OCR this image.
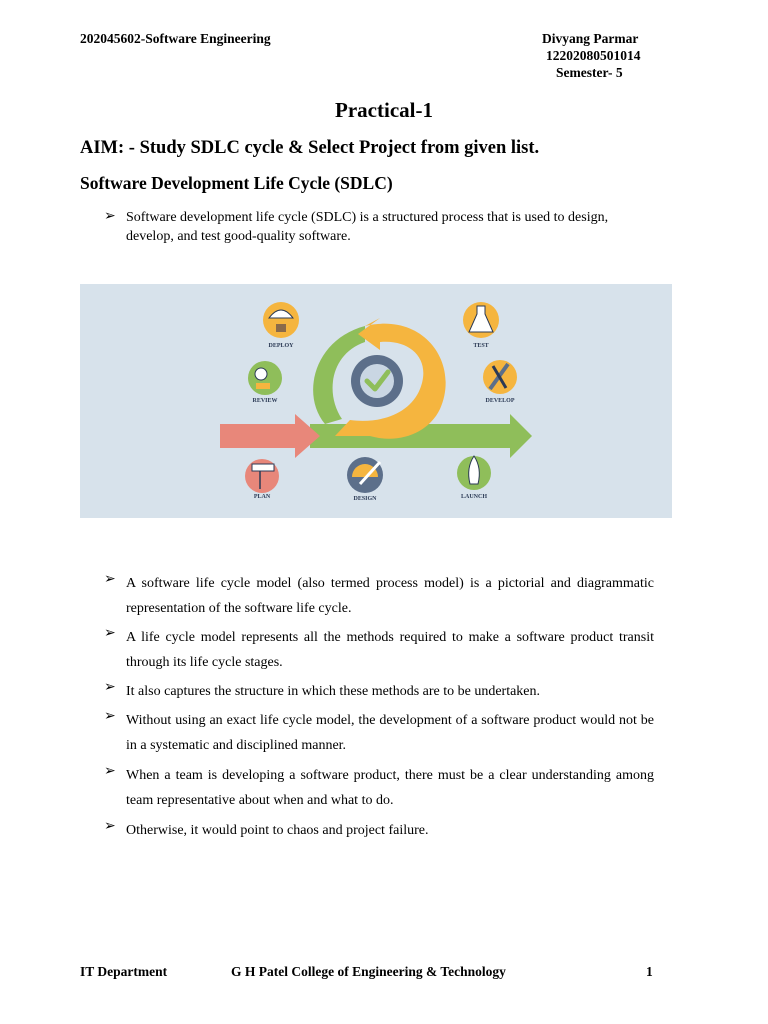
202045602-Software Engineering	Divyang Parmar
12202080501014
Semester- 5
Practical-1
AIM: - Study SDLC cycle & Select Project from given list.
Software Development Life Cycle (SDLC)
➢ Software development life cycle (SDLC) is a structured process that is used to design, develop, and test good-quality software.
DEPLOY
REVIEW
PLAN	DESIGN	LAUNCH
TEST
DEVELOP
➢ A software life cycle model (also termed process model) is a pictorial and diagrammatic representation of the software life cycle.
➢ A life cycle model represents all the methods required to make a software product transit through its life cycle stages.
➢ It also captures the structure in which these methods are to be undertaken.
➢ Without using an exact life cycle model, the development of a software product would not be in a systematic and disciplined manner.
➢ When a team is developing a software product, there must be a clear understanding among team representative about when and what to do.
➢ Otherwise, it would point to chaos and project failure.
IT Department	G H Patel College of Engineering & Technology	1
